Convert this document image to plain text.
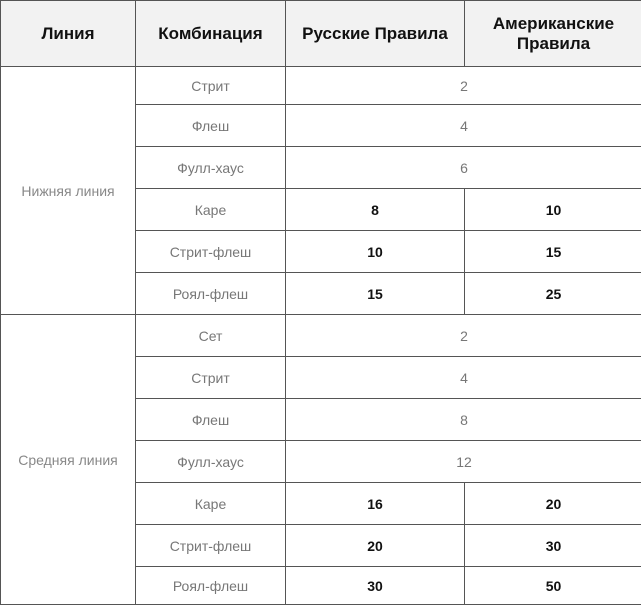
Линия	Комбинация	Русские Правила	Американские Правила
Нижняя линия	Стрит	2	
	Флеш	4	
	Фулл-хаус	6	
	Каре	8	10
	Стрит-флеш	10	15
	Роял-флеш	15	25
Средняя линия	Сет	2	
	Стрит	4	
	Флеш	8	
	Фулл-хаус	12	
	Каре	16	20
	Стрит-флеш	20	30
	Роял-флеш	30	50
